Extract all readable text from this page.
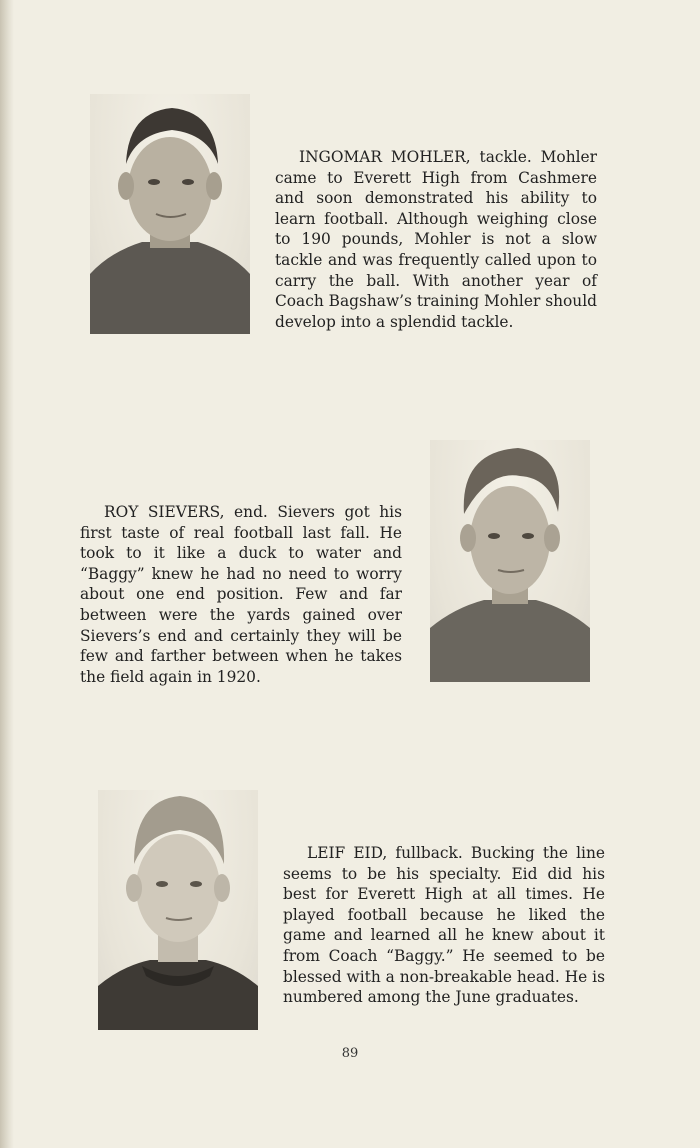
INGOMAR MOHLER, tackle. Mohler came to Everett High from Cashmere and soon demonstrated his ability to learn football. Although weighing close to 190 pounds, Mohler is not a slow tackle and was frequently called upon to carry the ball. With another year of Coach Bagshaw’s training Mohler should develop into a splendid tackle.

ROY SIEVERS, end. Sievers got his first taste of real football last fall. He took to it like a duck to water and “Baggy” knew he had no need to worry about one end position. Few and far between were the yards gained over Sievers’s end and certainly they will be few and farther between when he takes the field again in 1920.

LEIF EID, fullback. Bucking the line seems to be his specialty. Eid did his best for Everett High at all times. He played football because he liked the game and learned all he knew about it from Coach “Baggy.” He seemed to be blessed with a non-breakable head. He is numbered among the June graduates.

89
